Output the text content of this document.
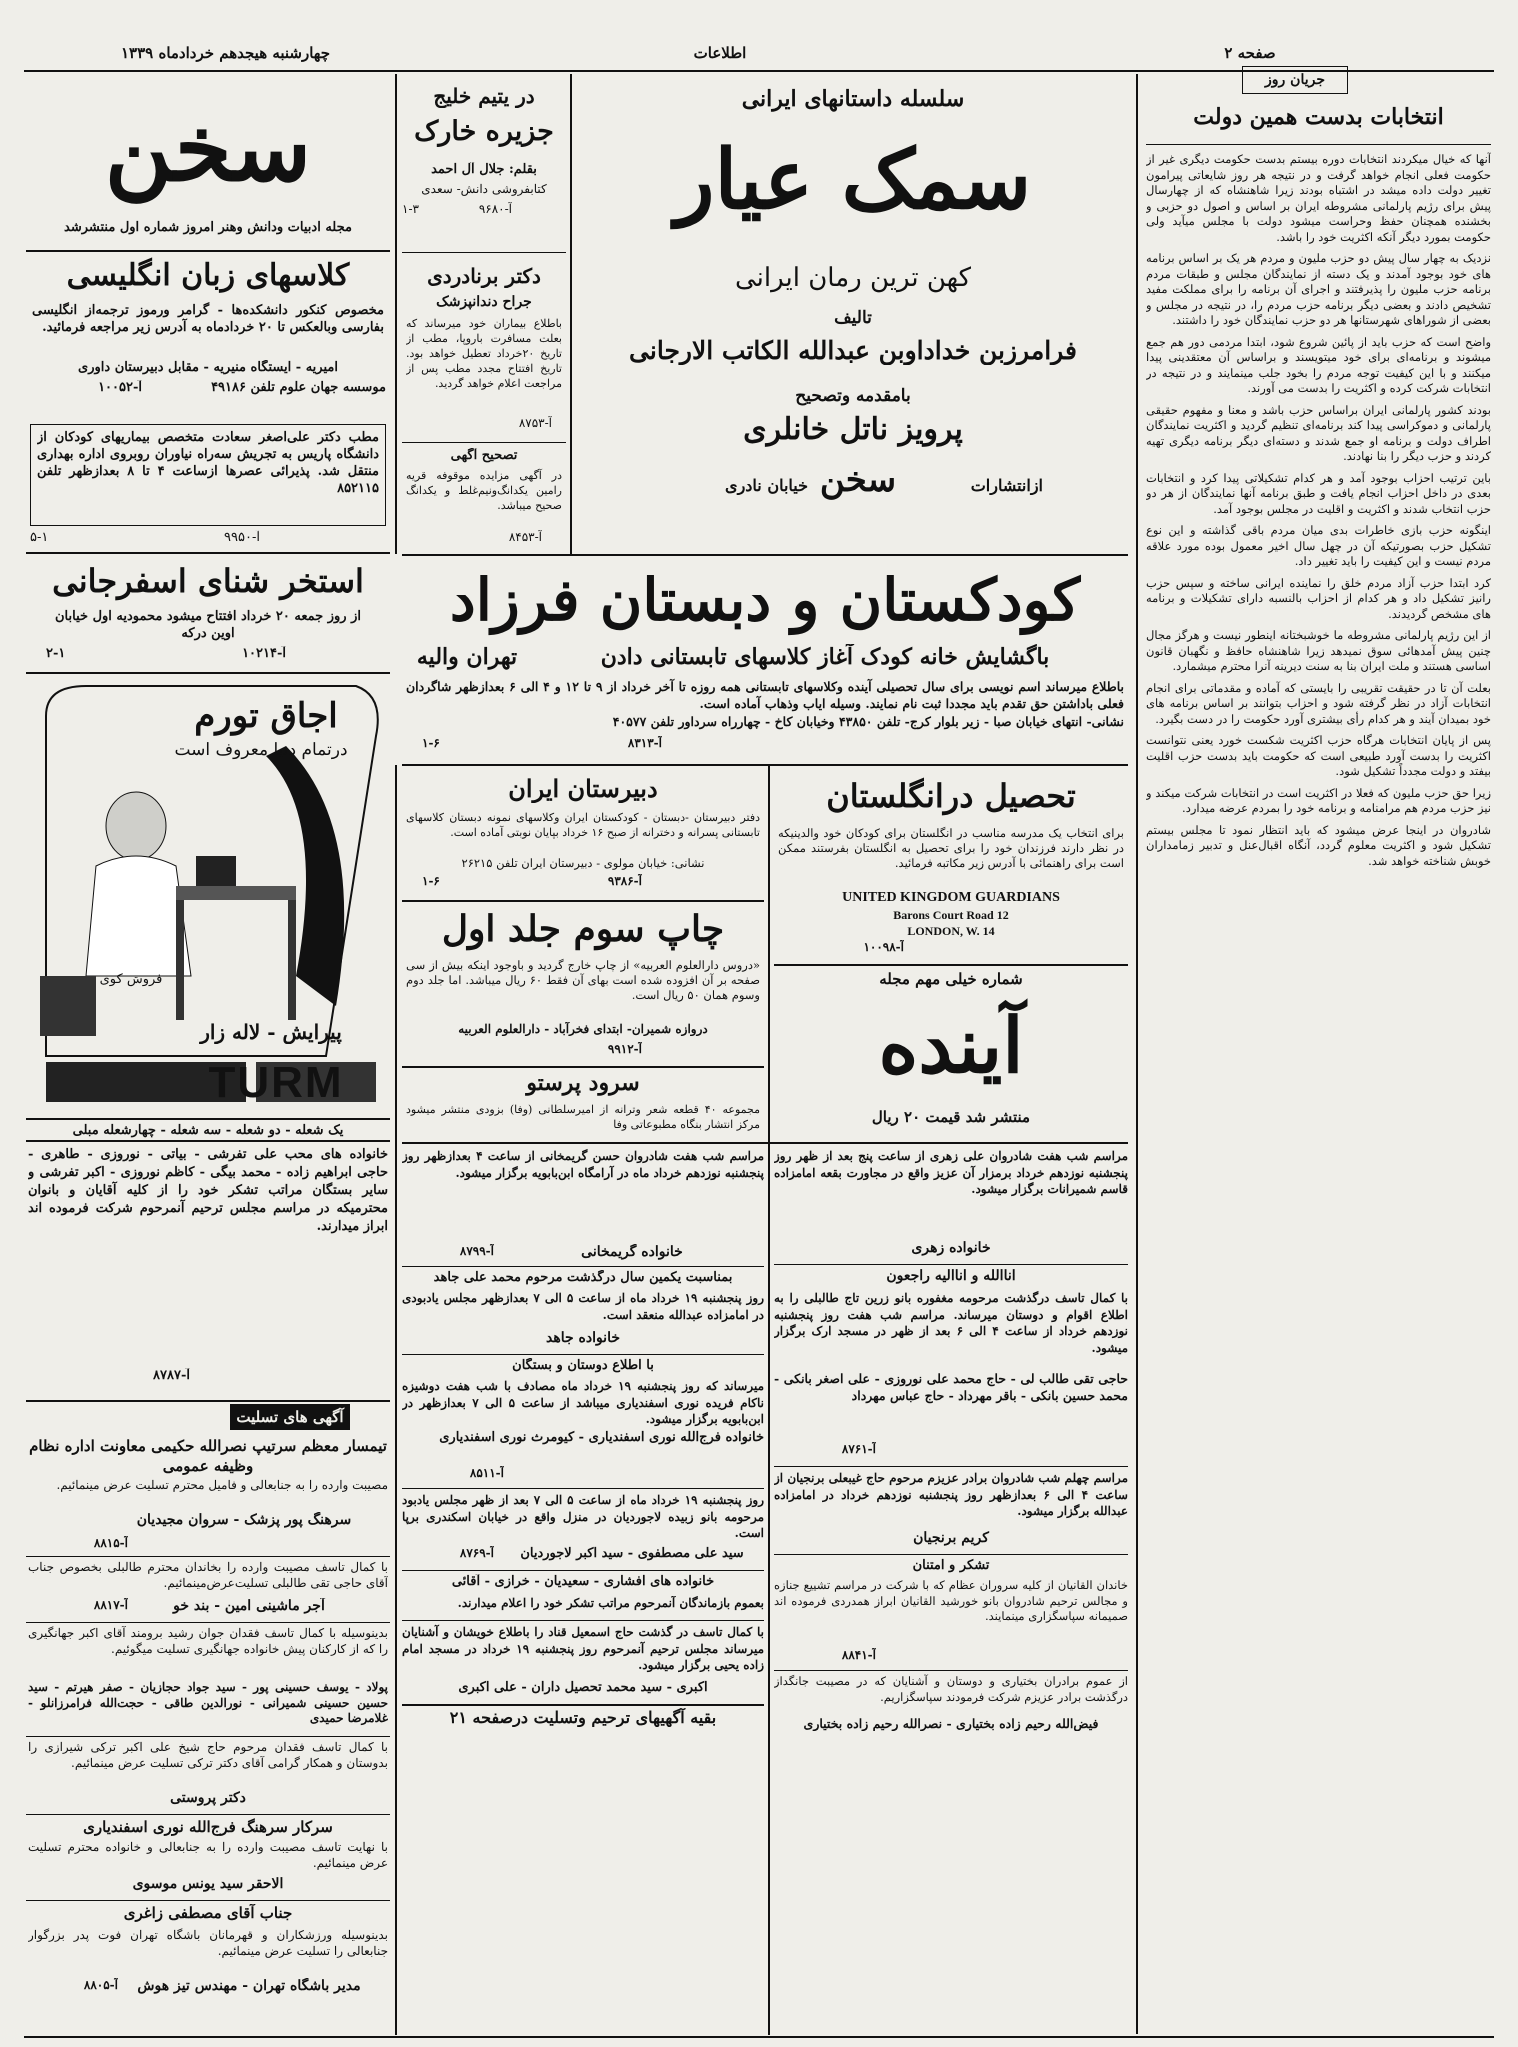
چهارشنبه هیجدهم خردادماه ۱۳۳۹	اطلاعات	صفحه ۲
جریان روز
انتخابات بدست همین دولت

آنها که خیال میکردند انتخابات دوره بیستم بدست حکومت دیگری غیر از حکومت فعلی انجام خواهد گرفت و در نتیجه هر روز شایعاتی پیرامون تغییر دولت داده میشد در اشتباه بودند زیرا شاهنشاه که از چهارسال پیش برای رژیم پارلمانی مشروطه ایران بر اساس و اصول دو حزبی و بخشنده همچنان حفظ وحراست میشود دولت با مجلس میآید ولی حکومت بمورد دیگر آنکه اکثریت خود را باشد.

نزدیک به چهار سال پیش دو حزب ملیون و مردم هر یک بر اساس برنامه های خود بوجود آمدند و یک دسته از نمایندگان مجلس و طبقات مردم برنامه حزب ملیون را پذیرفتند و اجرای آن برنامه را برای مملکت مفید تشخیص دادند و بعضی دیگر برنامه حزب مردم را، در نتیجه در مجلس و بعضی از شوراهای شهرستانها هر دو حزب نمایندگان خود را داشتند.

واضح است که حزب باید از پائین شروع شود، ابتدا مردمی دور هم جمع میشوند و برنامه‌ای برای خود میتویسند و براساس آن معتقدینی پیدا میکنند و با این کیفیت توجه مردم را بخود جلب مینمایند و در نتیجه در انتخابات شرکت کرده و اکثریت را بدست می آورند.

بودند کشور پارلمانی ایران براساس حزب باشد و معنا و مفهوم حقیقی پارلمانی و دموکراسی پیدا کند برنامه‌ای تنظیم گردید و اکثریت نمایندگان اطراف دولت و برنامه او جمع شدند و دسته‌ای دیگر برنامه دیگری تهیه کردند و حزب دیگر را بنا نهادند.

باین ترتیب احزاب بوجود آمد و هر کدام تشکیلاتی پیدا کرد و انتخابات بعدی در داخل احزاب انجام یافت و طبق برنامه آنها نمایندگان از هر دو حزب انتخاب شدند و اکثریت و اقلیت در مجلس بوجود آمد.

اینگونه حزب بازی خاطرات بدی میان مردم باقی گذاشته و این نوع تشکیل حزب بصورتیکه آن در چهل سال اخیر معمول بوده مورد علاقه مردم نیست و این کیفیت را باید تغییر داد.

کرد ابتدا حزب آزاد مردم خلق را نماینده ایرانی ساخته و سپس حزب رانیز تشکیل داد و هر کدام از احزاب بالنسبه دارای تشکیلات و برنامه های مشخص گردیدند.

از این رژیم پارلمانی مشروطه ما خوشبختانه اینطور نیست و هرگز مجال چنین پیش آمدهائی سوق نمیدهد زیرا شاهنشاه حافظ و نگهبان قانون اساسی هستند و ملت ایران بنا به سنت دیرینه آنرا محترم میشمارد.

بعلت آن تا در حقیقت تقریبی را بایستی که آماده و مقدماتی برای انجام انتخابات آزاد در نظر گرفته شود و احزاب بتوانند بر اساس برنامه های خود بمیدان آیند و هر کدام رأی بیشتری آورد حکومت را در دست بگیرد.

پس از پایان انتخابات هرگاه حزب اکثریت شکست خورد یعنی نتوانست اکثریت را بدست آورد طبیعی است که حکومت باید بدست حزب اقلیت بیفتد و دولت مجدداً تشکیل شود.

زیرا حق حزب ملیون که فعلا در اکثریت است در انتخابات شرکت میکند و نیز حزب مردم هم مرامنامه و برنامه خود را بمردم عرضه میدارد.

شادروان در اینجا عرض میشود که باید انتظار نمود تا مجلس بیستم تشکیل شود و اکثریت معلوم گردد، آنگاه اقبال‌عنل و تدبیر زمامداران خوبش شناخته خواهد شد.

سلسله داستانهای ایرانی
سمک عیار
کهن ترین رمان ایرانی
تالیف
فرامرزبن خداداوبن عبدالله الکاتب الارجانی
بامقدمه وتصحیح
پرویز ناتل خانلری
ازانتشارات
سخن
خیابان نادری
در یتیم خلیج
جزیره خارک
بقلم: جلال آل احمد
کتابفروشی دانش- سعدی
آ-۹۶۸۰
۱-۳
دکتر برنادردی
جراح دندانپزشک
باطلاع بیماران خود میرساند که بعلت مسافرت باروپا، مطب از تاریخ ۲۰خرداد تعطیل خواهد بود. تاریخ افتتاح مجدد مطب پس از مراجعت اعلام خواهد گردید.
آ-۸۷۵۳
تصحیح آگهی
در آگهی مزایده موقوفه قریه رامین یکدانگ‌ونیم‌غلط و یکدانگ صحیح میباشد.
آ-۸۴۵۳
سخن
مجله ادبیات ودانش وهنر امروز شماره اول منتشرشد
کلاسهای زبان انگلیسی
مخصوص کنکور دانشکده‌ها - گرامر ورموز ترجمه‌از انگلیسی بفارسی وبالعکس تا ۲۰ خردادماه به آدرس زیر مراجعه فرمائید.
امیریه - ایستگاه منیریه - مقابل دبیرستان داوری
موسسه جهان علوم تلفن ۴۹۱۸۶
آ-۱۰۰۵۲
مطب دکتر علی‌اصغر سعادت متخصص بیماریهای کودکان از دانشگاه پاریس به تجریش سه‌راه نیاوران روبروی اداره بهداری منتقل شد. پذیرائی عصرها ازساعت ۴ تا ۸ بعدازظهر تلفن ۸۵۲۱۱۵
آ-۹۹۵۰
۵-۱
استخر شنای اسفرجانی
از روز جمعه ۲۰ خرداد افتتاح میشود محمودیه اول خیابان اوین درکه
آ-۱۰۲۱۴
۲-۱
اجاق تورم
درتمام دنیا معروف است
فروش کوی
پیرایش - لاله زار
TURM
یک شعله - دو شعله - سه شعله - چهارشعله مبلی
خانواده های محب علی تفرشی - بیاتی - نوروزی - طاهری - حاجی ابراهیم زاده - محمد بیگی - کاظم نوروزی - اکبر تفرشی و سایر بستگان مراتب تشکر خود را از کلیه آقایان و بانوان محترمیکه در مراسم مجلس ترحیم آنمرحوم شرکت فرموده اند ابراز میدارند.
آ-۸۷۸۷
آگهی های تسلیت
تیمسار معظم سرتیپ نصرالله حکیمی معاونت اداره نظام وظیفه عمومی
مصیبت وارده را به جنابعالی و فامیل محترم تسلیت عرض مینمائیم.
سرهنگ پور پزشک - سروان مجیدیان
آ-۸۸۱۵
با کمال تاسف مصیبت وارده را بخاندان محترم طالبلی بخصوص جناب آقای حاجی تقی طالبلی تسلیت‌عرض‌مینمائیم.
آجر ماشینی امین - بند خو
آ-۸۸۱۷
بدینوسیله با کمال تاسف فقدان جوان رشید برومند آقای اکبر جهانگیری را که از کارکنان پیش خانواده جهانگیری تسلیت میگوئیم.
پولاد - یوسف حسینی پور - سید جواد حجازیان - صفر هیرتم - سید حسین حسینی شمیرانی - نورالدین طاقی - حجت‌الله فرامرزانلو - غلامرضا حمیدی
با کمال تاسف فقدان مرحوم حاج شیخ علی اکبر ترکی شیرازی را بدوستان و همکار گرامی آقای دکتر ترکی تسلیت عرض مینمائیم.
دکتر پروستی
سرکار سرهنگ فرج‌الله نوری اسفندیاری
با نهایت تاسف مصیبت وارده را به جنابعالی و خانواده محترم تسلیت عرض مینمائیم.
الاحقر سید یونس موسوی
جناب آقای مصطفی زاغری
بدینوسیله ورزشکاران و قهرمانان باشگاه تهران فوت پدر بزرگوار جنابعالی را تسلیت عرض مینمائیم.
مدیر باشگاه تهران - مهندس تیز هوش
آ-۸۸۰۵
کودکستان و دبستان فرزاد
باگشایش خانه کودک آغاز کلاسهای تابستانی دادن
تهران والیه
باطلاع میرساند اسم نویسی برای سال تحصیلی آینده وکلاسهای تابستانی همه روزه تا آخر خرداد از ۹ تا ۱۲ و ۴ الی ۶ بعدازظهر شاگردان فعلی باداشتن حق تقدم باید مجددا ثبت نام نمایند. وسیله ایاب وذهاب آماده است.
نشانی- انتهای خیابان صبا - زیر بلوار کرج- تلفن ۴۳۸۵۰ وخیابان کاخ - چهارراه سرداور تلفن ۴۰۵۷۷
آ-۸۳۱۳
۱-۶
تحصیل درانگلستان
برای انتخاب یک مدرسه مناسب در انگلستان برای کودکان خود والدینیکه در نظر دارند فرزندان خود را برای تحصیل به انگلستان بفرستند ممکن است برای راهنمائی با آدرس زیر مکاتبه فرمائید.
UNITED KINGDOM GUARDIANS
12 Barons Court Road
LONDON, W. 14
آ-۱۰۰۹۸
شماره خیلی مهم مجله
آینده
منتشر شد قیمت ۲۰ ریال
دبیرستان ایران
دفتر دبیرستان -دبستان - کودکستان ایران وکلاسهای نمونه دبستان کلاسهای تابستانی پسرانه و دخترانه از صبح ۱۶ خرداد بپایان نوبتی آماده است.
نشانی: خیابان مولوی - دبیرستان ایران تلفن ۲۶۲۱۵
آ-۹۳۸۶
۱-۶
چاپ سوم جلد اول
«دروس دارالعلوم العربیه» از چاپ خارج گردید و باوجود اینکه بیش از سی صفحه بر آن افزوده شده است بهای آن فقط ۶۰ ریال میباشد. اما جلد دوم وسوم همان ۵۰ ریال است.
دروازه شمیران- ابتدای فخرآباد - دارالعلوم العربیه
آ-۹۹۱۲
سرود پرستو
مجموعه ۴۰ قطعه شعر وترانه از امیرسلطانی (وفا) بزودی منتشر میشود مرکز انتشار بنگاه مطبوعاتی وفا
مراسم شب هفت شادروان حسن گریمخانی از ساعت ۴ بعدازظهر روز پنجشنبه نوزدهم خرداد ماه در آرامگاه ابن‌بابویه برگزار میشود.
خانواده گریمخانی
آ-۸۷۹۹
بمناسبت یکمین سال درگذشت مرحوم محمد علی جاهد
روز پنجشنبه ۱۹ خرداد ماه از ساعت ۵ الی ۷ بعدازظهر مجلس یادبودی در امامزاده عبدالله منعقد است.
خانواده جاهد
با اطلاع دوستان و بستگان
میرساند که روز پنجشنبه ۱۹ خرداد ماه مصادف با شب هفت دوشیزه ناکام فریده نوری اسفندیاری میباشد از ساعت ۵ الی ۷ بعدازظهر در ابن‌بابویه برگزار میشود.
خانواده فرج‌الله نوری اسفندیاری - کیومرث نوری اسفندیاری
آ-۸۵۱۱
روز پنجشنبه ۱۹ خرداد ماه از ساعت ۵ الی ۷ بعد از ظهر مجلس یادبود مرحومه بانو زبیده لاجوردیان در منزل واقع در خیابان اسکندری برپا است.
سید علی مصطفوی - سید اکبر لاجوردیان
آ-۸۷۶۹
خانواده های افشاری - سعیدیان - خرازی - آقائی
بعموم بازماندگان آنمرحوم مراتب تشکر خود را اعلام میدارند.
با کمال تاسف در گذشت حاج اسمعیل قناد را باطلاع خویشان و آشنایان میرساند مجلس ترحیم آنمرحوم روز پنجشنبه ۱۹ خرداد در مسجد امام زاده یحیی برگزار میشود.
اکبری - سید محمد تحصیل داران - علی اکبری
بقیه آگهیهای ترحیم وتسلیت درصفحه ۲۱
مراسم شب هفت شادروان علی زهری از ساعت پنج بعد از ظهر روز پنجشنبه نوزدهم خرداد برمزار آن عزیز واقع در مجاورت بقعه امامزاده قاسم شمیرانات برگزار میشود.
خانواده زهری
اناالله و انااليه راجعون
با کمال تاسف درگذشت مرحومه مغفوره بانو زرین تاج طالبلی را به اطلاع اقوام و دوستان میرساند. مراسم شب هفت روز پنجشنبه نوزدهم خرداد از ساعت ۴ الی ۶ بعد از ظهر در مسجد ارک برگزار میشود.
حاجی تقی طالب لی - حاج محمد علی نوروزی - علی اصغر بانکی - محمد حسین بانکی - باقر مهرداد - حاج عباس مهرداد
آ-۸۷۶۱
مراسم چهلم شب شادروان برادر عزیزم مرحوم حاج غیبعلی برنجیان از ساعت ۴ الی ۶ بعدازظهر روز پنجشنبه نوزدهم خرداد در امامزاده عبدالله برگزار میشود.
کریم برنجیان
تشکر و امتنان
خاندان القانیان از کلیه سروران عظام که با شرکت در مراسم تشییع جنازه و مجالس ترحیم شادروان بانو خورشید القانیان ابراز همدردی فرموده اند صمیمانه سپاسگزاری مینمایند.
آ-۸۸۴۱
از عموم برادران بختیاری و دوستان و آشنایان که در مصیبت جانگداز درگذشت برادر عزیزم شرکت فرمودند سپاسگزاریم.
فیض‌الله رحیم زاده بختیاری - نصرالله رحیم زاده بختیاری
